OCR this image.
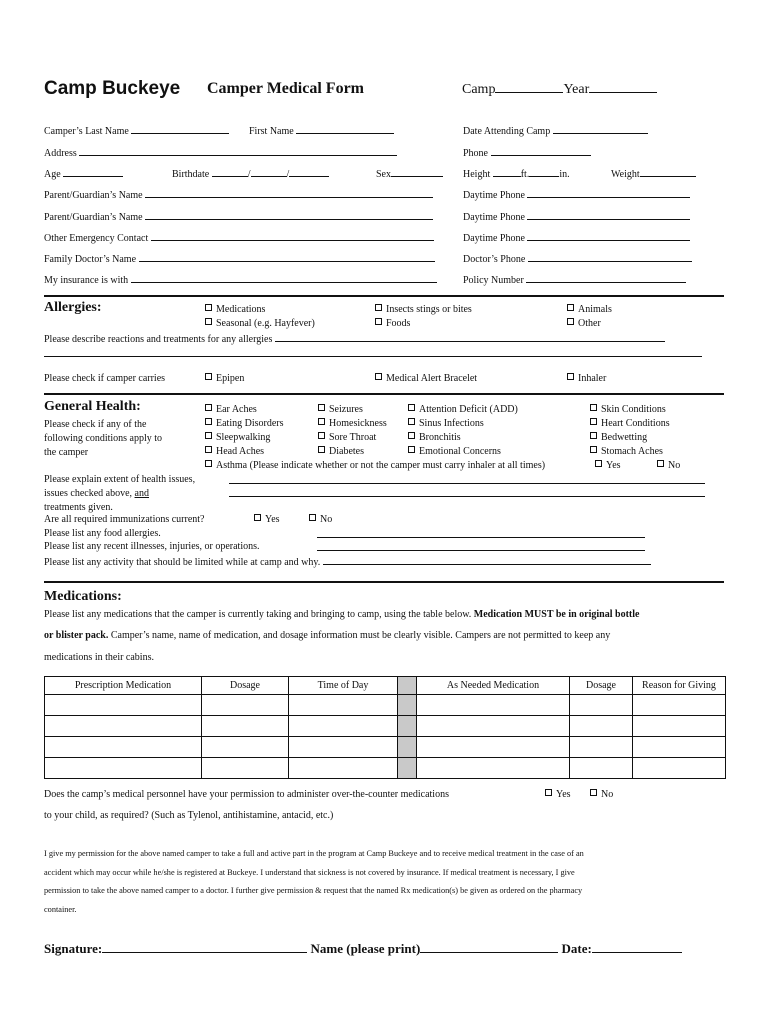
Camp Buckeye Camper Medical Form	Camp	Year
Camper’s Last Name	First Name	Date Attending Camp
Address	Phone
Age	Birthdate	/	/	Sex	Height	ft.	in.	Weight
Parent/Guardian’s Name	Daytime Phone
Parent/Guardian’s Name	Daytime Phone
Other Emergency Contact	Daytime Phone
Family Doctor’s Name	Doctor’s Phone
My insurance is with	Policy Number
Allergies:	Medications	Insects stings or bites	Animals
Seasonal (e.g. Hayfever)	Foods	Other
Please describe reactions and treatments for any allergies
Please check if camper carries	Epipen	Medical Alert Bracelet	Inhaler
General Health:
Please check if any of the
following conditions apply to
the camper
Ear Aches	Seizures	Attention Deficit (ADD)	Skin Conditions
Eating Disorders	Homesickness	Sinus Infections	Heart Conditions
Sleepwalking	Sore Throat	Bronchitis	Bedwetting
Head Aches	Diabetes	Emotional Concerns	Stomach Aches
Asthma (Please indicate whether or not the camper must carry inhaler at all times)	Yes	No
Please explain extent of health issues,
issues checked above, and
treatments given.
Are all required immunizations current?	Yes	No
Please list any food allergies.
Please list any recent illnesses, injuries, or operations.
Please list any activity that should be limited while at camp and why.
Medications:
Please list any medications that the camper is currently taking and bringing to camp, using the table below. Medication MUST be in original bottle
or blister pack. Camper’s name, name of medication, and dosage information must be clearly visible. Campers are not permitted to keep any
medications in their cabins.
Prescription Medication	Dosage	Time of Day		As Needed Medication	Dosage	Reason for Giving

Does the camp’s medical personnel have your permission to administer over-the-counter medications	Yes	No
to your child, as required? (Such as Tylenol, antihistamine, antacid, etc.)
I give my permission for the above named camper to take a full and active part in the program at Camp Buckeye and to receive medical treatment in the case of an
accident which may occur while he/she is registered at Buckeye. I understand that sickness is not covered by insurance. If medical treatment is necessary, I give
permission to take the above named camper to a doctor. I further give permission & request that the named Rx medication(s) be given as ordered on the pharmacy
container.
Signature:	Name (please print)	Date:
